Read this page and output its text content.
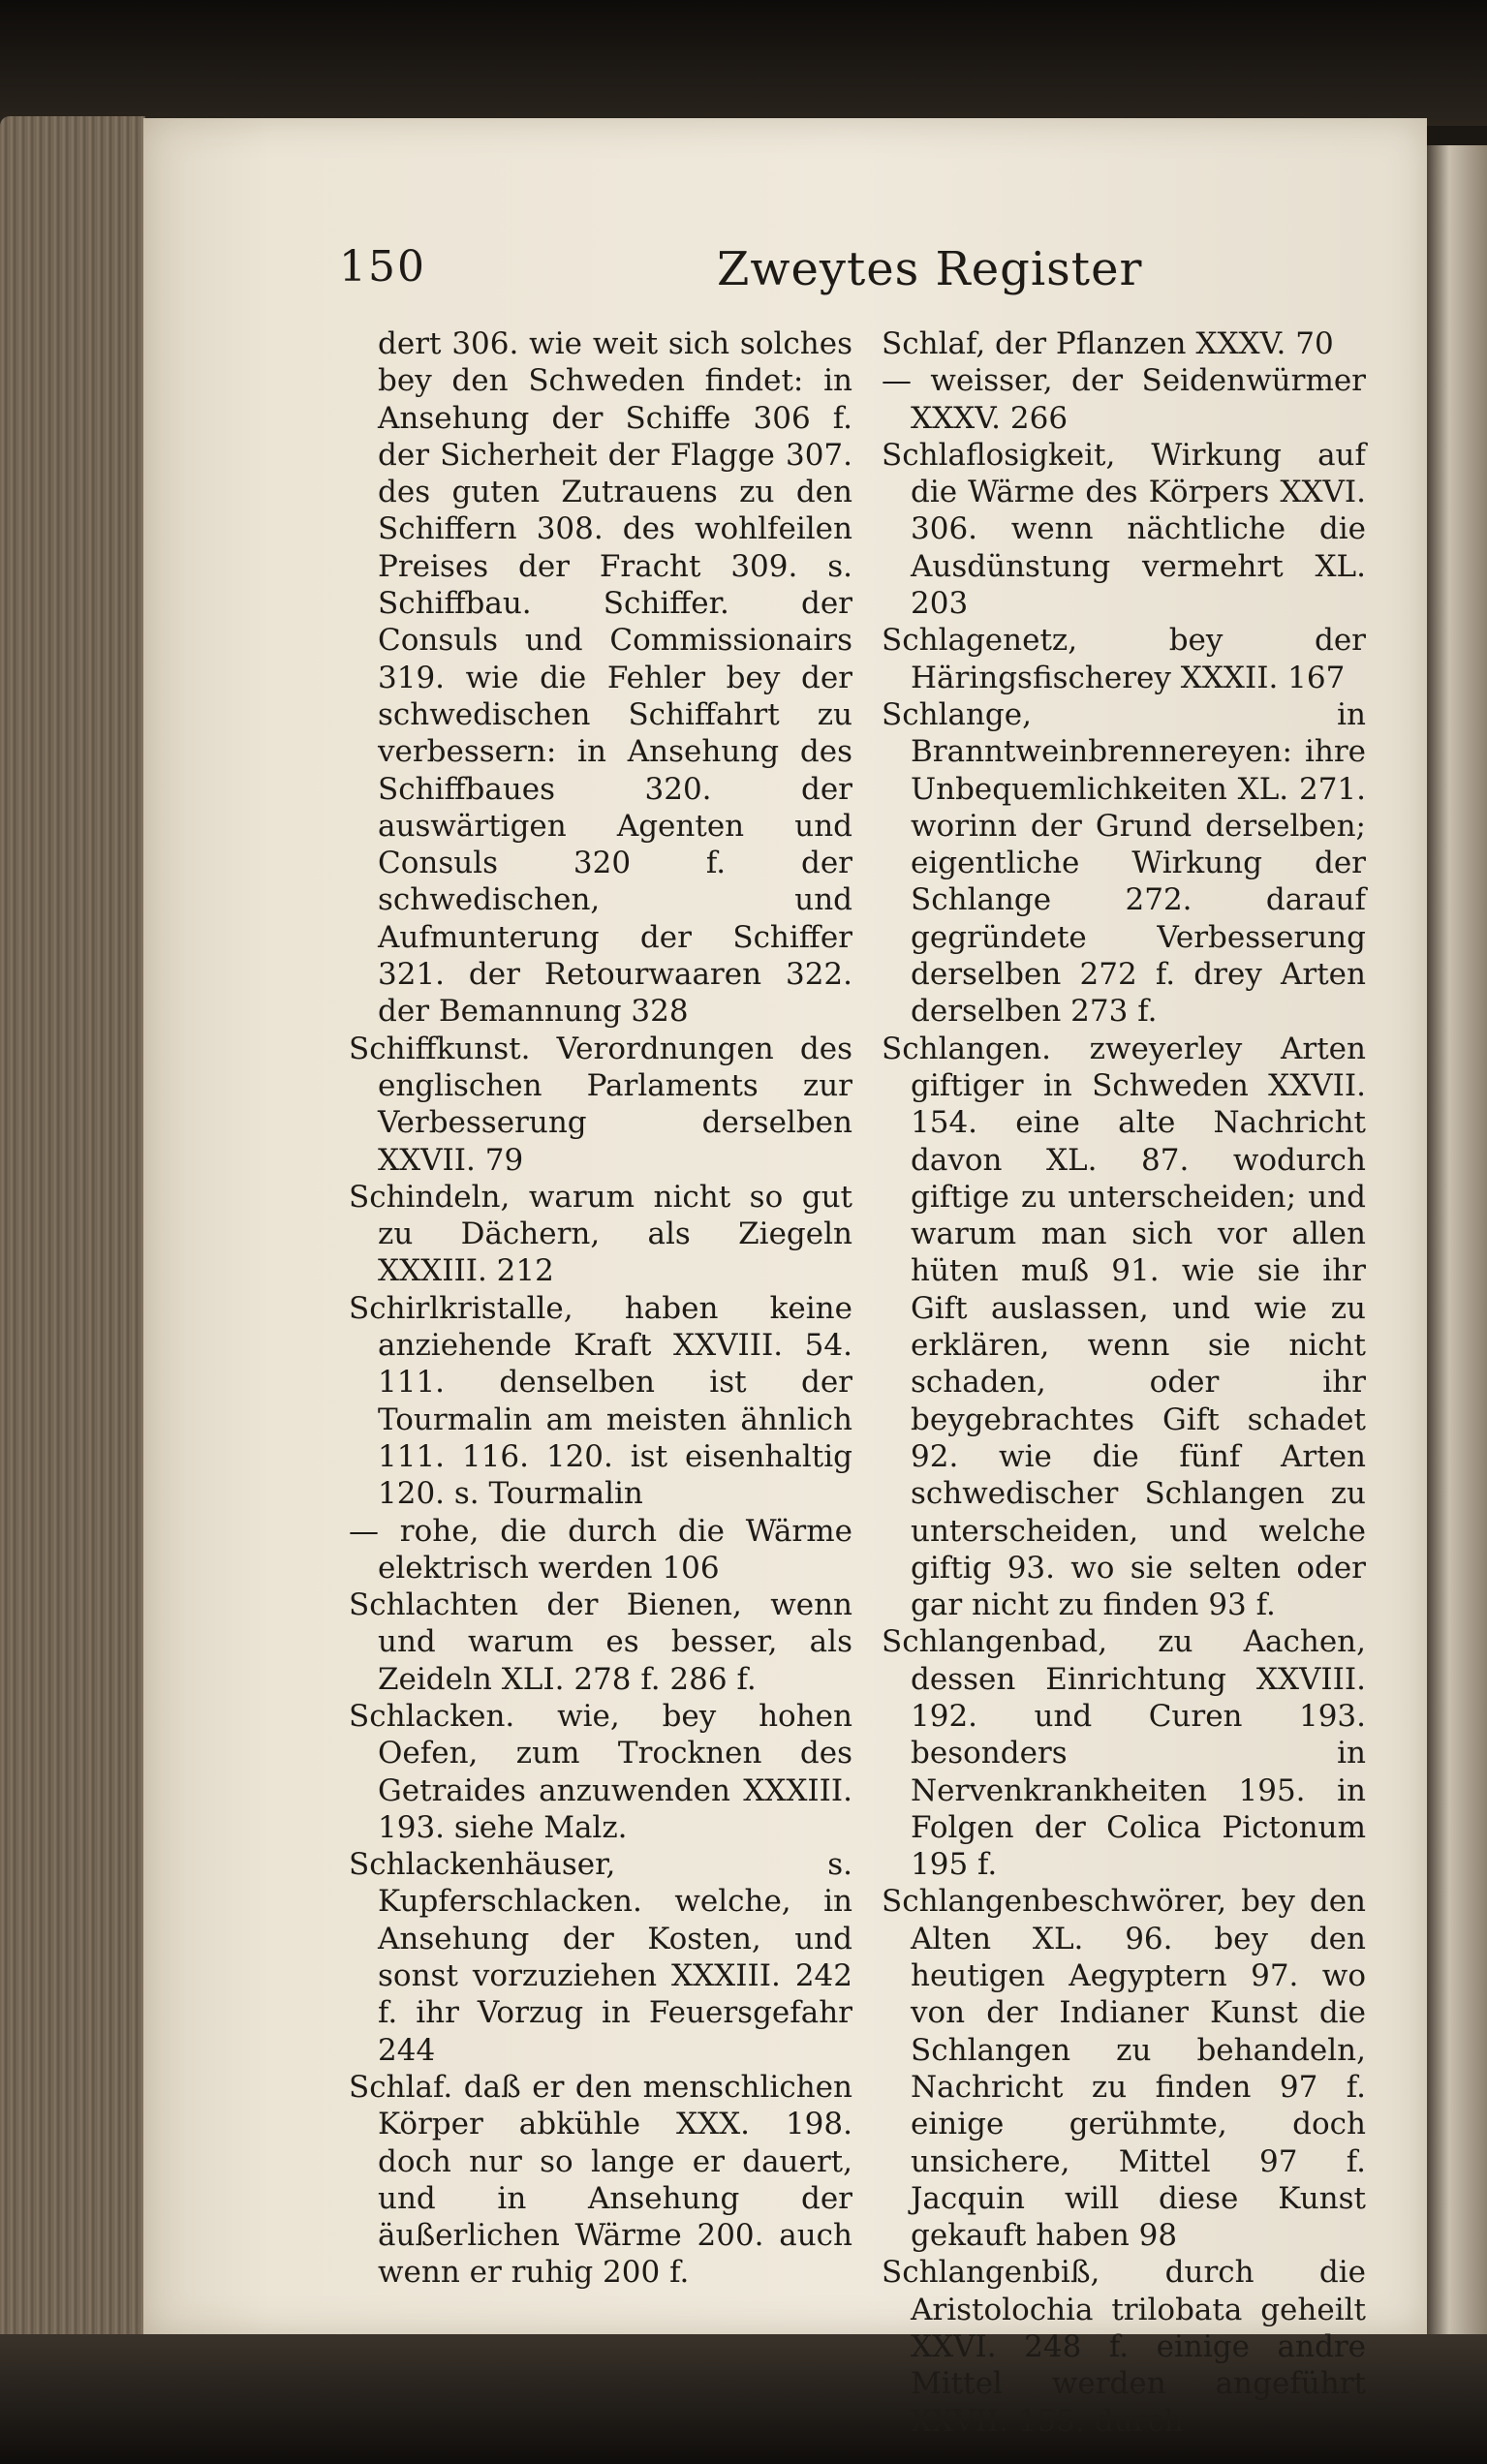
150	Zweytes Register

dert 306. wie weit sich solches bey den Schweden findet: in Ansehung der Schiffe 306 f. der Sicherheit der Flagge 307. des guten Zutrauens zu den Schiffern 308. des wohlfeilen Preises der Fracht 309. s. Schiffbau. Schiffer. der Consuls und Commissionairs 319. wie die Fehler bey der schwedischen Schiffahrt zu verbessern: in Ansehung des Schiffbaues 320. der auswärtigen Agenten und Consuls 320 f. der schwedischen, und Aufmunterung der Schiffer 321. der Retourwaaren 322. der Bemannung 328

Schiffkunst. Verordnungen des englischen Parlaments zur Verbesserung derselben XXVII. 79

Schindeln, warum nicht so gut zu Dächern, als Ziegeln XXXIII. 212

Schirlkristalle, haben keine anziehende Kraft XXVIII. 54. 111. denselben ist der Tourmalin am meisten ähnlich 111. 116. 120. ist eisenhaltig 120. s. Tourmalin

— rohe, die durch die Wärme elektrisch werden 106

Schlachten der Bienen, wenn und warum es besser, als Zeideln XLI. 278 f. 286 f.

Schlacken. wie, bey hohen Oefen, zum Trocknen des Getraides anzuwenden XXXIII. 193. siehe Malz.

Schlackenhäuser, s. Kupferschlacken. welche, in Ansehung der Kosten, und sonst vorzuziehen XXXIII. 242 f. ihr Vorzug in Feuersgefahr 244

Schlaf. daß er den menschlichen Körper abkühle XXX. 198. doch nur so lange er dauert, und in Ansehung der äußerlichen Wärme 200. auch wenn er ruhig 200 f.

Schlaf, der Pflanzen XXXV. 70

— weisser, der Seidenwürmer XXXV. 266

Schlaflosigkeit, Wirkung auf die Wärme des Körpers XXVI. 306. wenn nächtliche die Ausdünstung vermehrt XL. 203

Schlagenetz, bey der Häringsfischerey XXXII. 167

Schlange, in Branntweinbrennereyen: ihre Unbequemlichkeiten XL. 271. worinn der Grund derselben; eigentliche Wirkung der Schlange 272. darauf gegründete Verbesserung derselben 272 f. drey Arten derselben 273 f.

Schlangen. zweyerley Arten giftiger in Schweden XXVII. 154. eine alte Nachricht davon XL. 87. wodurch giftige zu unterscheiden; und warum man sich vor allen hüten muß 91. wie sie ihr Gift auslassen, und wie zu erklären, wenn sie nicht schaden, oder ihr beygebrachtes Gift schadet 92. wie die fünf Arten schwedischer Schlangen zu unterscheiden, und welche giftig 93. wo sie selten oder gar nicht zu finden 93 f.

Schlangenbad, zu Aachen, dessen Einrichtung XXVIII. 192. und Curen 193. besonders in Nervenkrankheiten 195. in Folgen der Colica Pictonum 195 f.

Schlangenbeschwörer, bey den Alten XL. 96. bey den heutigen Aegyptern 97. wo von der Indianer Kunst die Schlangen zu behandeln, Nachricht zu finden 97 f. einige gerühmte, doch unsichere, Mittel 97 f. Jacquin will diese Kunst gekauft haben 98

Schlangenbiß, durch die Aristolochia trilobata geheilt XXVI. 248 f. einige andre Mittel werden angeführt XXVII. 155. durch
